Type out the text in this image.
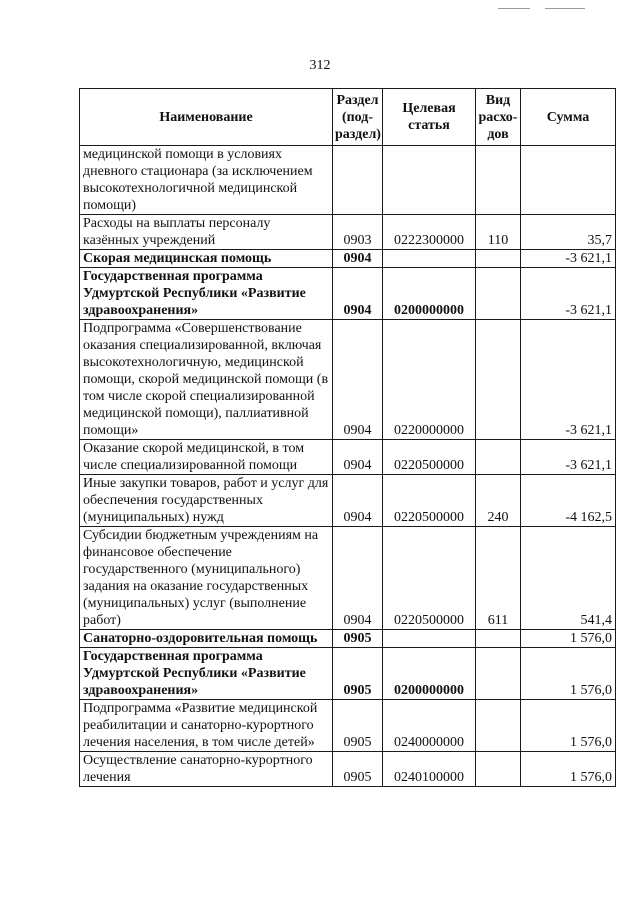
312
Наименование	Раздел (под-раздел)	Целевая статья	Вид расхо-дов	Сумма
медицинской помощи в условиях дневного стационара (за исключением высокотехнологичной медицинской помощи)				
Расходы на выплаты персоналу казённых учреждений	0903	0222300000	110	35,7
Скорая медицинская помощь	0904			-3 621,1
Государственная программа Удмуртской Республики «Развитие здравоохранения»	0904	0200000000		-3 621,1
Подпрограмма «Совершенствование оказания специализированной, включая высокотехнологичную, медицинской помощи, скорой медицинской помощи (в том числе скорой специализированной медицинской помощи), паллиативной помощи»	0904	0220000000		-3 621,1
Оказание скорой медицинской, в том числе специализированной помощи	0904	0220500000		-3 621,1
Иные закупки товаров, работ и услуг для обеспечения государственных (муниципальных) нужд	0904	0220500000	240	-4 162,5
Субсидии бюджетным учреждениям на финансовое обеспечение государственного (муниципального) задания на оказание государственных (муниципальных) услуг (выполнение работ)	0904	0220500000	611	541,4
Санаторно-оздоровительная помощь	0905			1 576,0
Государственная программа Удмуртской Республики «Развитие здравоохранения»	0905	0200000000		1 576,0
Подпрограмма «Развитие медицинской реабилитации и санаторно-курортного лечения населения, в том числе детей»	0905	0240000000		1 576,0
Осуществление санаторно-курортного лечения	0905	0240100000		1 576,0
